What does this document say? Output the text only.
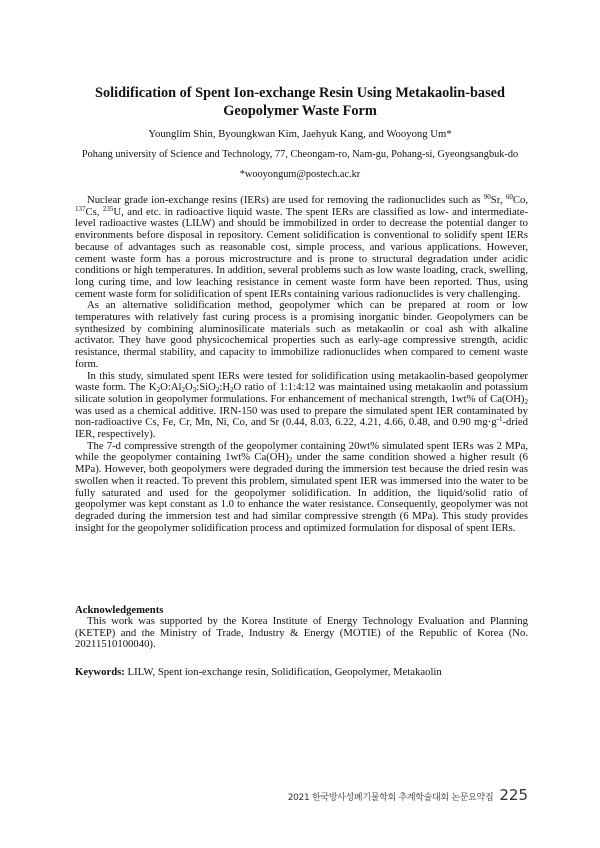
Solidification of Spent Ion-exchange Resin Using Metakaolin-based Geopolymer Waste Form
Younglim Shin, Byoungkwan Kim, Jaehyuk Kang, and Wooyong Um*
Pohang university of Science and Technology, 77, Cheongam-ro, Nam-gu, Pohang-si, Gyeongsangbuk-do
*wooyongum@postech.ac.kr

Nuclear grade ion-exchange resins (IERs) are used for removing the radionuclides such as $^{90}$Sr, $^{60}$Co, $^{137}$Cs, $^{235}$U, and etc. in radioactive liquid waste. The spent IERs are classified as low- and intermediate-level radioactive wastes (LILW) and should be immobilized in order to decrease the potential danger to environments before disposal in repository. Cement solidification is conventional to solidify spent IERs because of advantages such as reasonable cost, simple process, and various applications. However, cement waste form has a porous microstructure and is prone to structural degradation under acidic conditions or high temperatures. In addition, several problems such as low waste loading, crack, swelling, long curing time, and low leaching resistance in cement waste form have been reported. Thus, using cement waste form for solidification of spent IERs containing various radionuclides is very challenging.

As an alternative solidification method, geopolymer which can be prepared at room or low temperatures with relatively fast curing process is a promising inorganic binder. Geopolymers can be synthesized by combining aluminosilicate materials such as metakaolin or coal ash with alkaline activator. They have good physicochemical properties such as early-age compressive strength, acidic resistance, thermal stability, and capacity to immobilize radionuclides when compared to cement waste form.

In this study, simulated spent IERs were tested for solidification using metakaolin-based geopolymer waste form. The $K_2O:Al_2O_3:SiO_2:H_2O$ ratio of 1:1:4:12 was maintained using metakaolin and potassium silicate solution in geopolymer formulations. For enhancement of mechanical strength, 1wt% of $Ca(OH)_2$ was used as a chemical additive. IRN-150 was used to prepare the simulated spent IER contaminated by non-radioactive Cs, Fe, Cr, Mn, Ni, Co, and Sr (0.44, 8.03, 6.22, 4.21, 4.66, 0.48, and 0.90 $mg\cdot g^{-1}$-dried IER, respectively).

The 7-d compressive strength of the geopolymer containing 20wt% simulated spent IERs was 2 MPa, while the geopolymer containing 1wt% $Ca(OH)_2$ under the same condition showed a higher result (6 MPa). However, both geopolymers were degraded during the immersion test because the dried resin was swollen when it reacted. To prevent this problem, simulated spent IER was immersed into the water to be fully saturated and used for the geopolymer solidification. In addition, the liquid/solid ratio of geopolymer was kept constant as 1.0 to enhance the water resistance. Consequently, geopolymer was not degraded during the immersion test and had similar compressive strength (6 MPa). This study provides insight for the geopolymer solidification process and optimized formulation for disposal of spent IERs.

Acknowledgements
This work was supported by the Korea Institute of Energy Technology Evaluation and Planning (KETEP) and the Ministry of Trade, Industry & Energy (MOTIE) of the Republic of Korea (No. 20211510100040).
Keywords: LILW, Spent ion-exchange resin, Solidification, Geopolymer, Metakaolin
2021 한국방사성폐기물학회 추계학술대회 논문요약집 225
